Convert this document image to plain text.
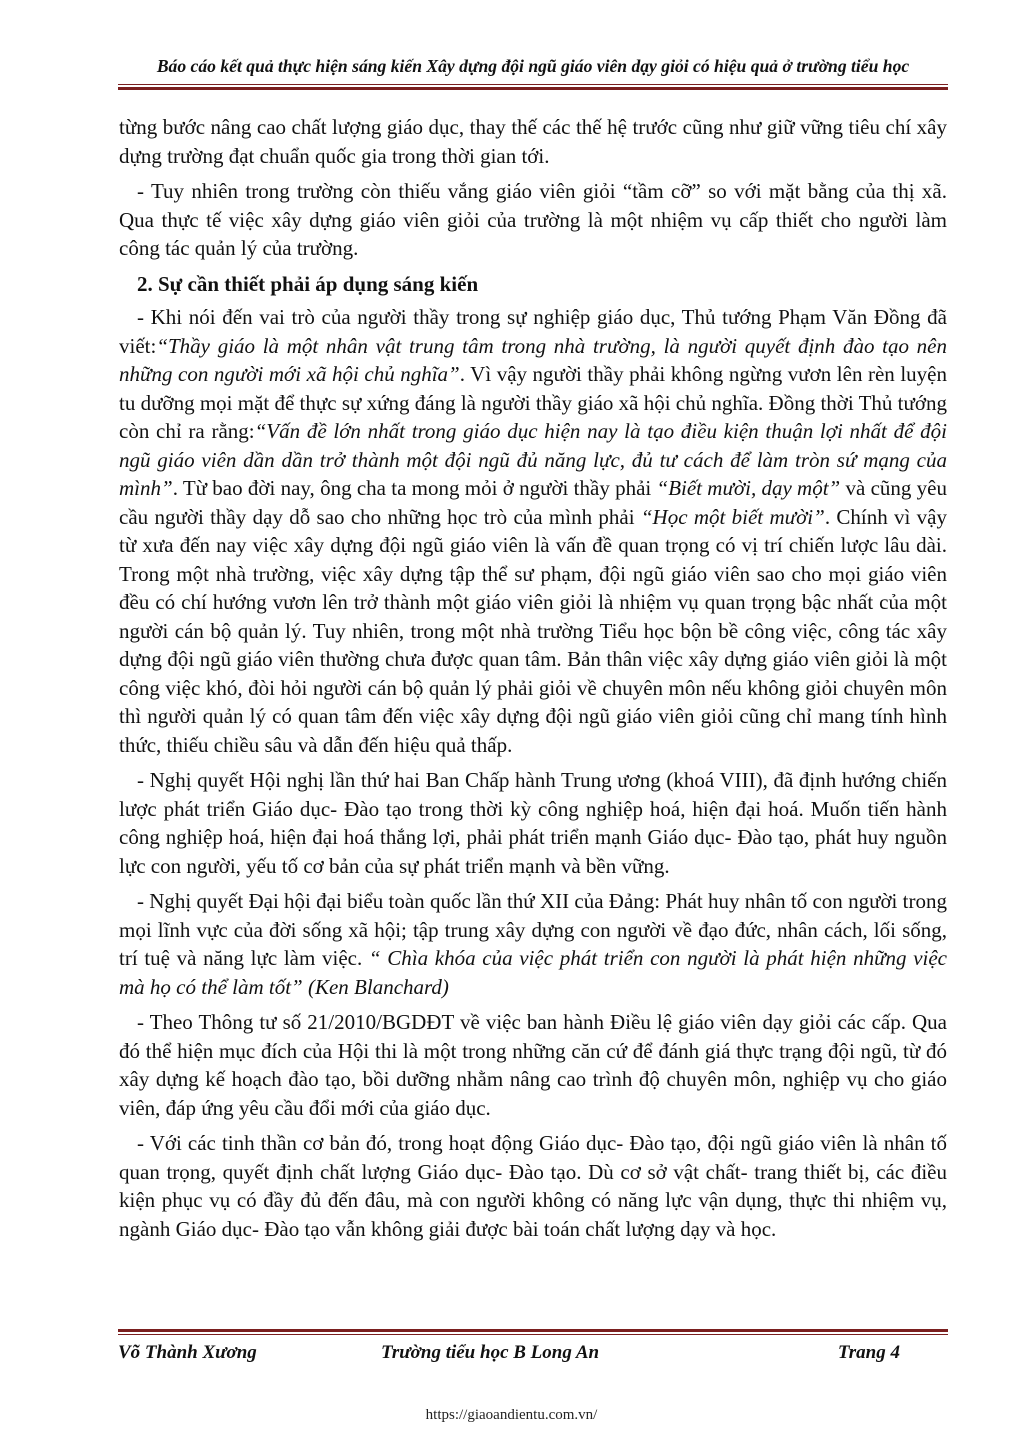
Báo cáo kết quả thực hiện sáng kiến Xây dựng đội ngũ giáo viên dạy giỏi có hiệu quả ở trường tiểu học

từng bước nâng cao chất lượng giáo dục, thay thế các thế hệ trước cũng như giữ vững tiêu chí xây dựng trường đạt chuẩn quốc gia trong thời gian tới.

- Tuy nhiên trong trường còn thiếu vắng giáo viên giỏi “tầm cỡ” so với mặt bằng của thị xã. Qua thực tế việc xây dựng giáo viên giỏi của trường là một nhiệm vụ cấp thiết cho người làm công tác quản lý của trường.

2. Sự cần thiết phải áp dụng sáng kiến

- Khi nói đến vai trò của người thầy trong sự nghiệp giáo dục, Thủ tướng Phạm Văn Đồng đã viết:“Thầy giáo là một nhân vật trung tâm trong nhà trường, là người quyết định đào tạo nên những con người mới xã hội chủ nghĩa”. Vì vậy người thầy phải không ngừng vươn lên rèn luyện tu dưỡng mọi mặt để thực sự xứng đáng là người thầy giáo xã hội chủ nghĩa. Đồng thời Thủ tướng còn chỉ ra rằng:“Vấn đề lớn nhất trong giáo dục hiện nay là tạo điều kiện thuận lợi nhất để đội ngũ giáo viên dần dần trở thành một đội ngũ đủ năng lực, đủ tư cách để làm tròn sứ mạng của mình”. Từ bao đời nay, ông cha ta mong mỏi ở người thầy phải “Biết mười, dạy một” và cũng yêu cầu người thầy dạy dỗ sao cho những học trò của mình phải “Học một biết mười”. Chính vì vậy từ xưa đến nay việc xây dựng đội ngũ giáo viên là vấn đề quan trọng có vị trí chiến lược lâu dài. Trong một nhà trường, việc xây dựng tập thể sư phạm, đội ngũ giáo viên sao cho mọi giáo viên đều có chí hướng vươn lên trở thành một giáo viên giỏi là nhiệm vụ quan trọng bậc nhất của một người cán bộ quản lý. Tuy nhiên, trong một nhà trường Tiểu học bộn bề công việc, công tác xây dựng đội ngũ giáo viên thường chưa được quan tâm. Bản thân việc xây dựng giáo viên giỏi là một công việc khó, đòi hỏi người cán bộ quản lý phải giỏi về chuyên môn nếu không giỏi chuyên môn thì người quản lý có quan tâm đến việc xây dựng đội ngũ giáo viên giỏi cũng chỉ mang tính hình thức, thiếu chiều sâu và dẫn đến hiệu quả thấp.

- Nghị quyết Hội nghị lần thứ hai Ban Chấp hành Trung ương (khoá VIII), đã định hướng chiến lược phát triển Giáo dục- Đào tạo trong thời kỳ công nghiệp hoá, hiện đại hoá. Muốn tiến hành công nghiệp hoá, hiện đại hoá thắng lợi, phải phát triển mạnh Giáo dục- Đào tạo, phát huy nguồn lực con người, yếu tố cơ bản của sự phát triển mạnh và bền vững.

- Nghị quyết Đại hội đại biểu toàn quốc lần thứ XII của Đảng: Phát huy nhân tố con người trong mọi lĩnh vực của đời sống xã hội; tập trung xây dựng con người về đạo đức, nhân cách, lối sống, trí tuệ và năng lực làm việc. “ Chìa khóa của việc phát triển con người là phát hiện những việc mà họ có thể làm tốt” (Ken Blanchard)

- Theo Thông tư số 21/2010/BGDĐT về việc ban hành Điều lệ giáo viên dạy giỏi các cấp. Qua đó thể hiện mục đích của Hội thi là một trong những căn cứ để đánh giá thực trạng đội ngũ, từ đó xây dựng kế hoạch đào tạo, bồi dưỡng nhằm nâng cao trình độ chuyên môn, nghiệp vụ cho giáo viên, đáp ứng yêu cầu đổi mới của giáo dục.

- Với các tinh thần cơ bản đó, trong hoạt động Giáo dục- Đào tạo, đội ngũ giáo viên là nhân tố quan trọng, quyết định chất lượng Giáo dục- Đào tạo. Dù cơ sở vật chất- trang thiết bị, các điều kiện phục vụ có đầy đủ đến đâu, mà con người không có năng lực vận dụng, thực thi nhiệm vụ, ngành Giáo dục- Đào tạo vẫn không giải được bài toán chất lượng dạy và học.

Võ Thành Xương	Trường tiểu học B Long An	Trang 4
https://giaoandientu.com.vn/
